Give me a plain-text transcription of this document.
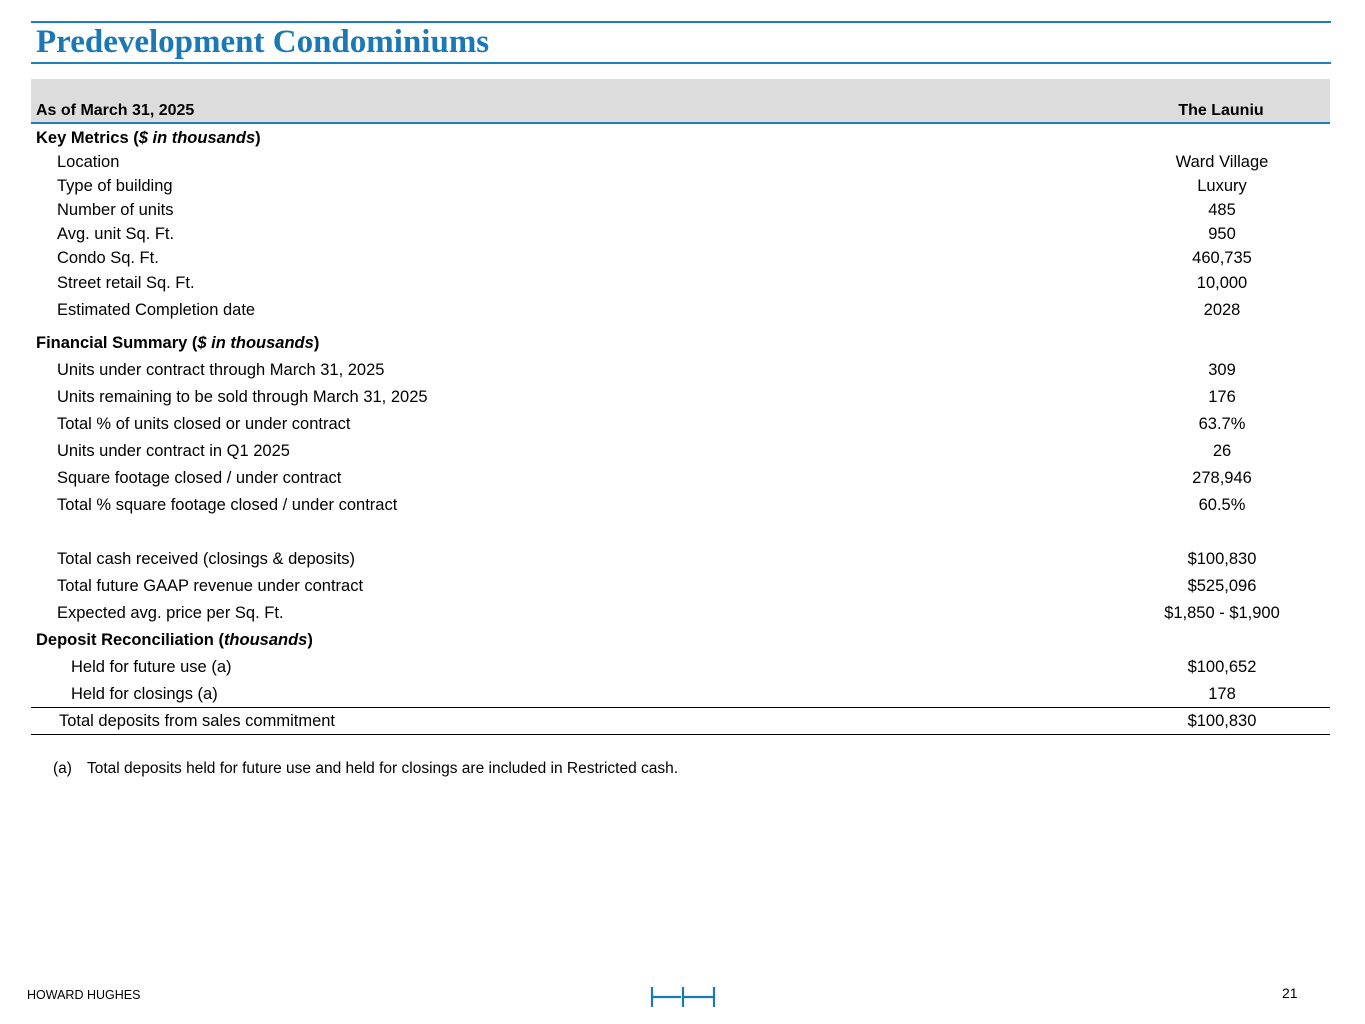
Predevelopment Condominiums
As of March 31, 2025	The Launiu
Key Metrics ($ in thousands)
Location	Ward Village
Type of building	Luxury
Number of units	485
Avg. unit Sq. Ft.	950
Condo Sq. Ft.	460,735
Street retail Sq. Ft.	10,000
Estimated Completion date	2028
Financial Summary ($ in thousands)
Units under contract through March 31, 2025	309
Units remaining to be sold through March 31, 2025	176
Total % of units closed or under contract	63.7%
Units under contract in Q1 2025	26
Square footage closed / under contract	278,946
Total % square footage closed / under contract	60.5%
Total cash received (closings & deposits)	$100,830
Total future GAAP revenue under contract	$525,096
Expected avg. price per Sq. Ft.	$1,850 - $1,900
Deposit Reconciliation (thousands)
Held for future use (a)	$100,652
Held for closings (a)	178
Total deposits from sales commitment	$100,830
(a) Total deposits held for future use and held for closings are included in Restricted cash.
HOWARD HUGHES	21
